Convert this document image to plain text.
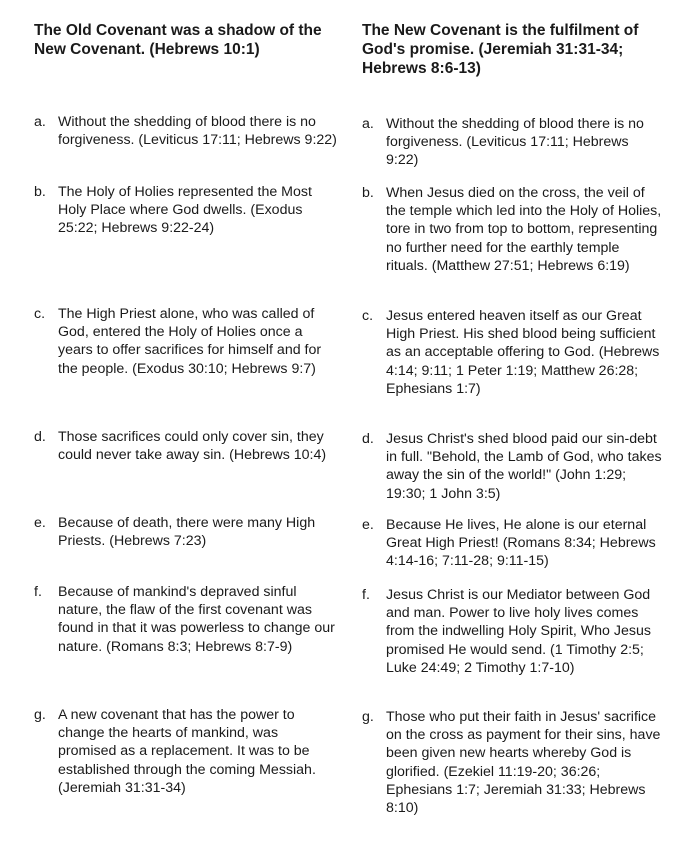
The Old Covenant was a shadow of the New Covenant. (Hebrews 10:1)
a. Without the shedding of blood there is no forgiveness. (Leviticus 17:11; Hebrews 9:22)
b. The Holy of Holies represented the Most Holy Place where God dwells. (Exodus 25:22; Hebrews 9:22-24)
c. The High Priest alone, who was called of God, entered the Holy of Holies once a years to offer sacrifices for himself and for the people. (Exodus 30:10; Hebrews 9:7)
d. Those sacrifices could only cover sin, they could never take away sin. (Hebrews 10:4)
e. Because of death, there were many High Priests. (Hebrews 7:23)
f. Because of mankind's depraved sinful nature, the flaw of the first covenant was found in that it was powerless to change our nature. (Romans 8:3; Hebrews 8:7-9)
g. A new covenant that has the power to change the hearts of mankind, was promised as a replacement. It was to be established through the coming Messiah. (Jeremiah 31:31-34)
The New Covenant is the fulfilment of God's promise. (Jeremiah 31:31-34; Hebrews 8:6-13)
a. Without the shedding of blood there is no forgiveness. (Leviticus 17:11; Hebrews 9:22)
b. When Jesus died on the cross, the veil of the temple which led into the Holy of Holies, tore in two from top to bottom, representing no further need for the earthly temple rituals. (Matthew 27:51; Hebrews 6:19)
c. Jesus entered heaven itself as our Great High Priest. His shed blood being sufficient as an acceptable offering to God. (Hebrews 4:14; 9:11; 1 Peter 1:19; Matthew 26:28; Ephesians 1:7)
d. Jesus Christ's shed blood paid our sin-debt in full. "Behold, the Lamb of God, who takes away the sin of the world!" (John 1:29; 19:30; 1 John 3:5)
e. Because He lives, He alone is our eternal Great High Priest! (Romans 8:34; Hebrews 4:14-16; 7:11-28; 9:11-15)
f. Jesus Christ is our Mediator between God and man. Power to live holy lives comes from the indwelling Holy Spirit, Who Jesus promised He would send. (1 Timothy 2:5; Luke 24:49; 2 Timothy 1:7-10)
g. Those who put their faith in Jesus' sacrifice on the cross as payment for their sins, have been given new hearts whereby God is glorified. (Ezekiel 11:19-20; 36:26; Ephesians 1:7; Jeremiah 31:33; Hebrews 8:10)
